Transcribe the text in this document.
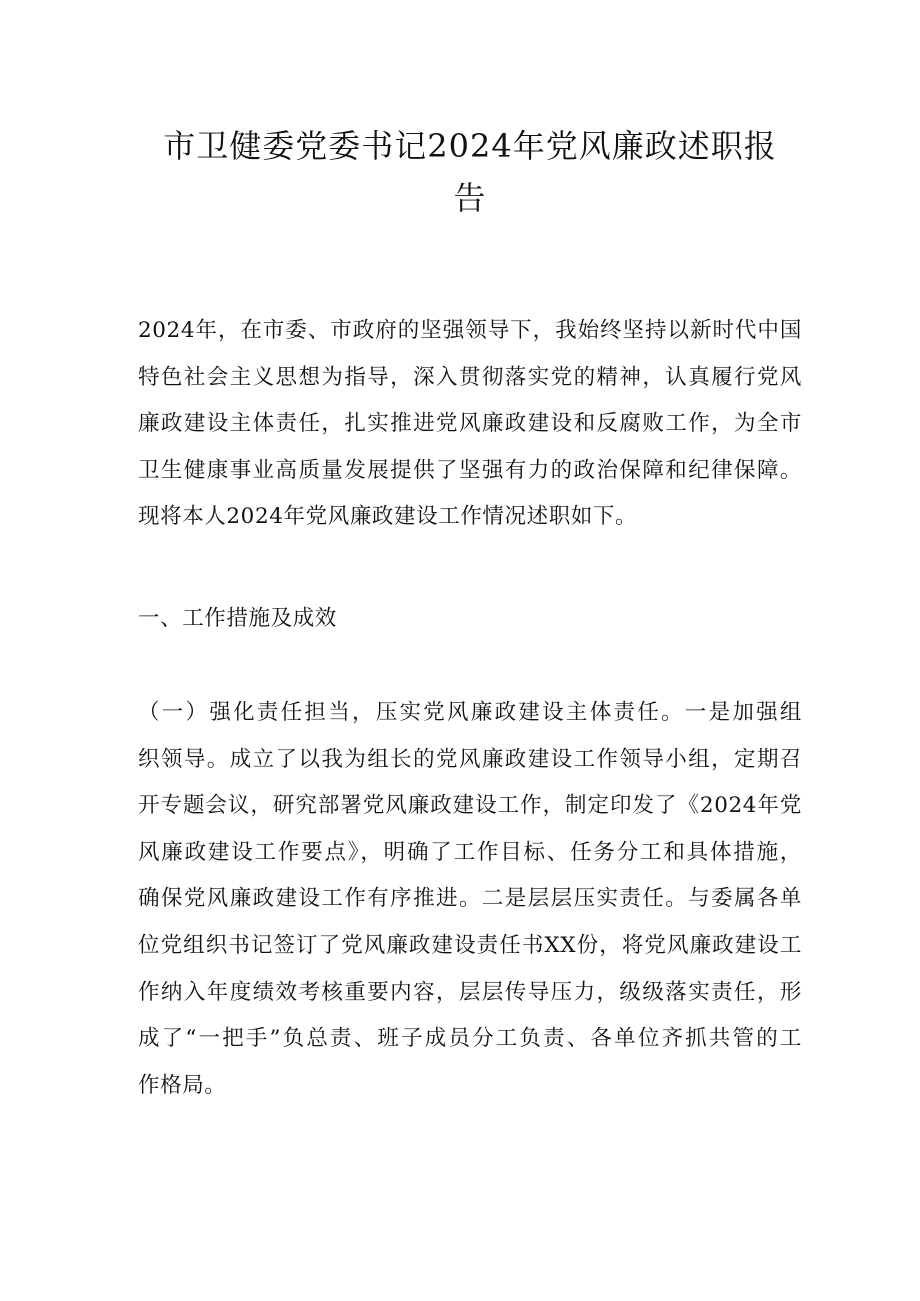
市卫健委党委书记2024年党风廉政述职报
告
2024年，在市委、市政府的坚强领导下，我始终坚持以新时代中国
特色社会主义思想为指导，深入贯彻落实党的精神，认真履行党风
廉政建设主体责任，扎实推进党风廉政建设和反腐败工作，为全市
卫生健康事业高质量发展提供了坚强有力的政治保障和纪律保障。
现将本人2024年党风廉政建设工作情况述职如下。
一、工作措施及成效
（一）强化责任担当，压实党风廉政建设主体责任。一是加强组
织领导。成立了以我为组长的党风廉政建设工作领导小组，定期召
开专题会议，研究部署党风廉政建设工作，制定印发了《2024年党
风廉政建设工作要点》，明确了工作目标、任务分工和具体措施，
确保党风廉政建设工作有序推进。二是层层压实责任。与委属各单
位党组织书记签订了党风廉政建设责任书XX份，将党风廉政建设工
作纳入年度绩效考核重要内容，层层传导压力，级级落实责任，形
成了“一把手”负总责、班子成员分工负责、各单位齐抓共管的工
作格局。
